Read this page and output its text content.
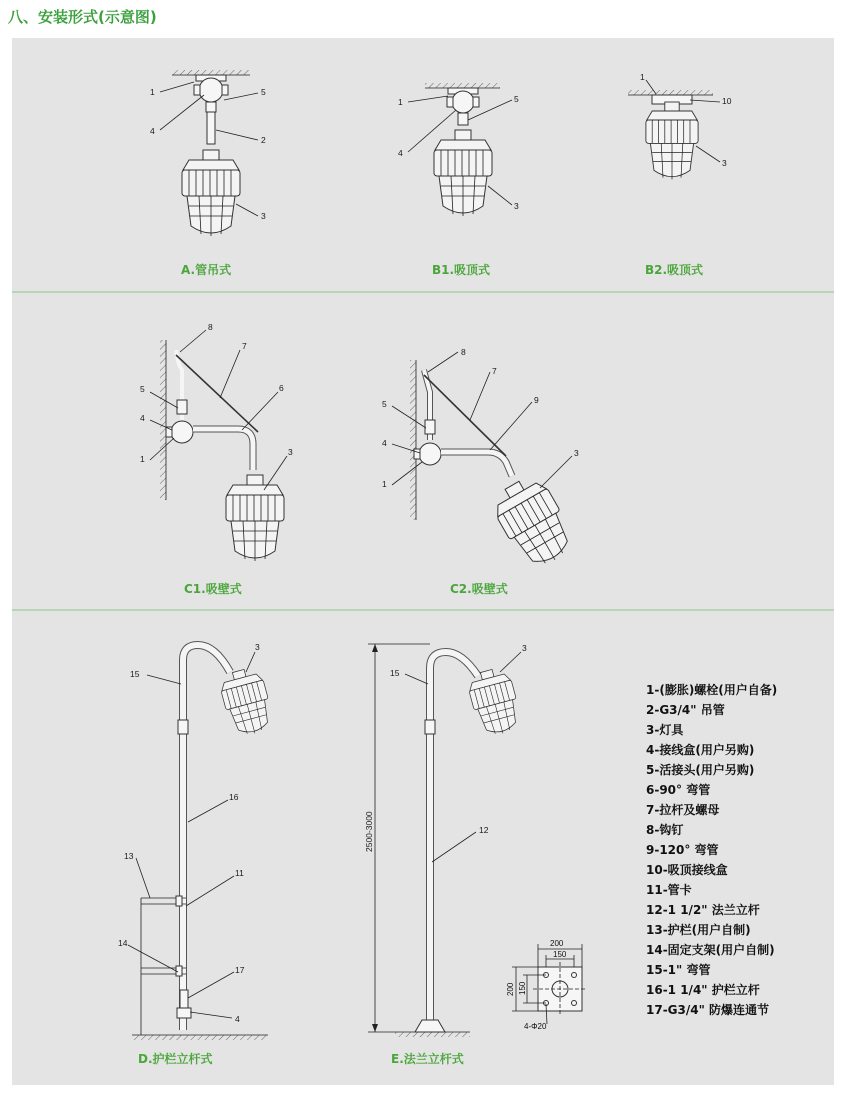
八、安装形式(示意图)
1
4
5
2
3
A.管吊式
1
4
5
3
B1.吸顶式
1
10
3
B2.吸顶式
8
7
6
5
4
1
3
C1.吸壁式
8
7
9
5
4
1
3
C2.吸壁式
15
3
16
13
11
14
17
4
D.护栏立杆式
2500-3000
15
3
12
E.法兰立杆式
200
150
200 150
4-Φ20
1-(膨胀)螺栓(用户自备)
2-G3/4" 吊管
3-灯具
4-接线盒(用户另购)
5-活接头(用户另购)
6-90° 弯管
7-拉杆及螺母
8-钩钉
9-120° 弯管
10-吸顶接线盒
11-管卡
12-1 1/2" 法兰立杆
13-护栏(用户自制)
14-固定支架(用户自制)
15-1" 弯管
16-1 1/4" 护栏立杆
17-G3/4" 防爆连通节
